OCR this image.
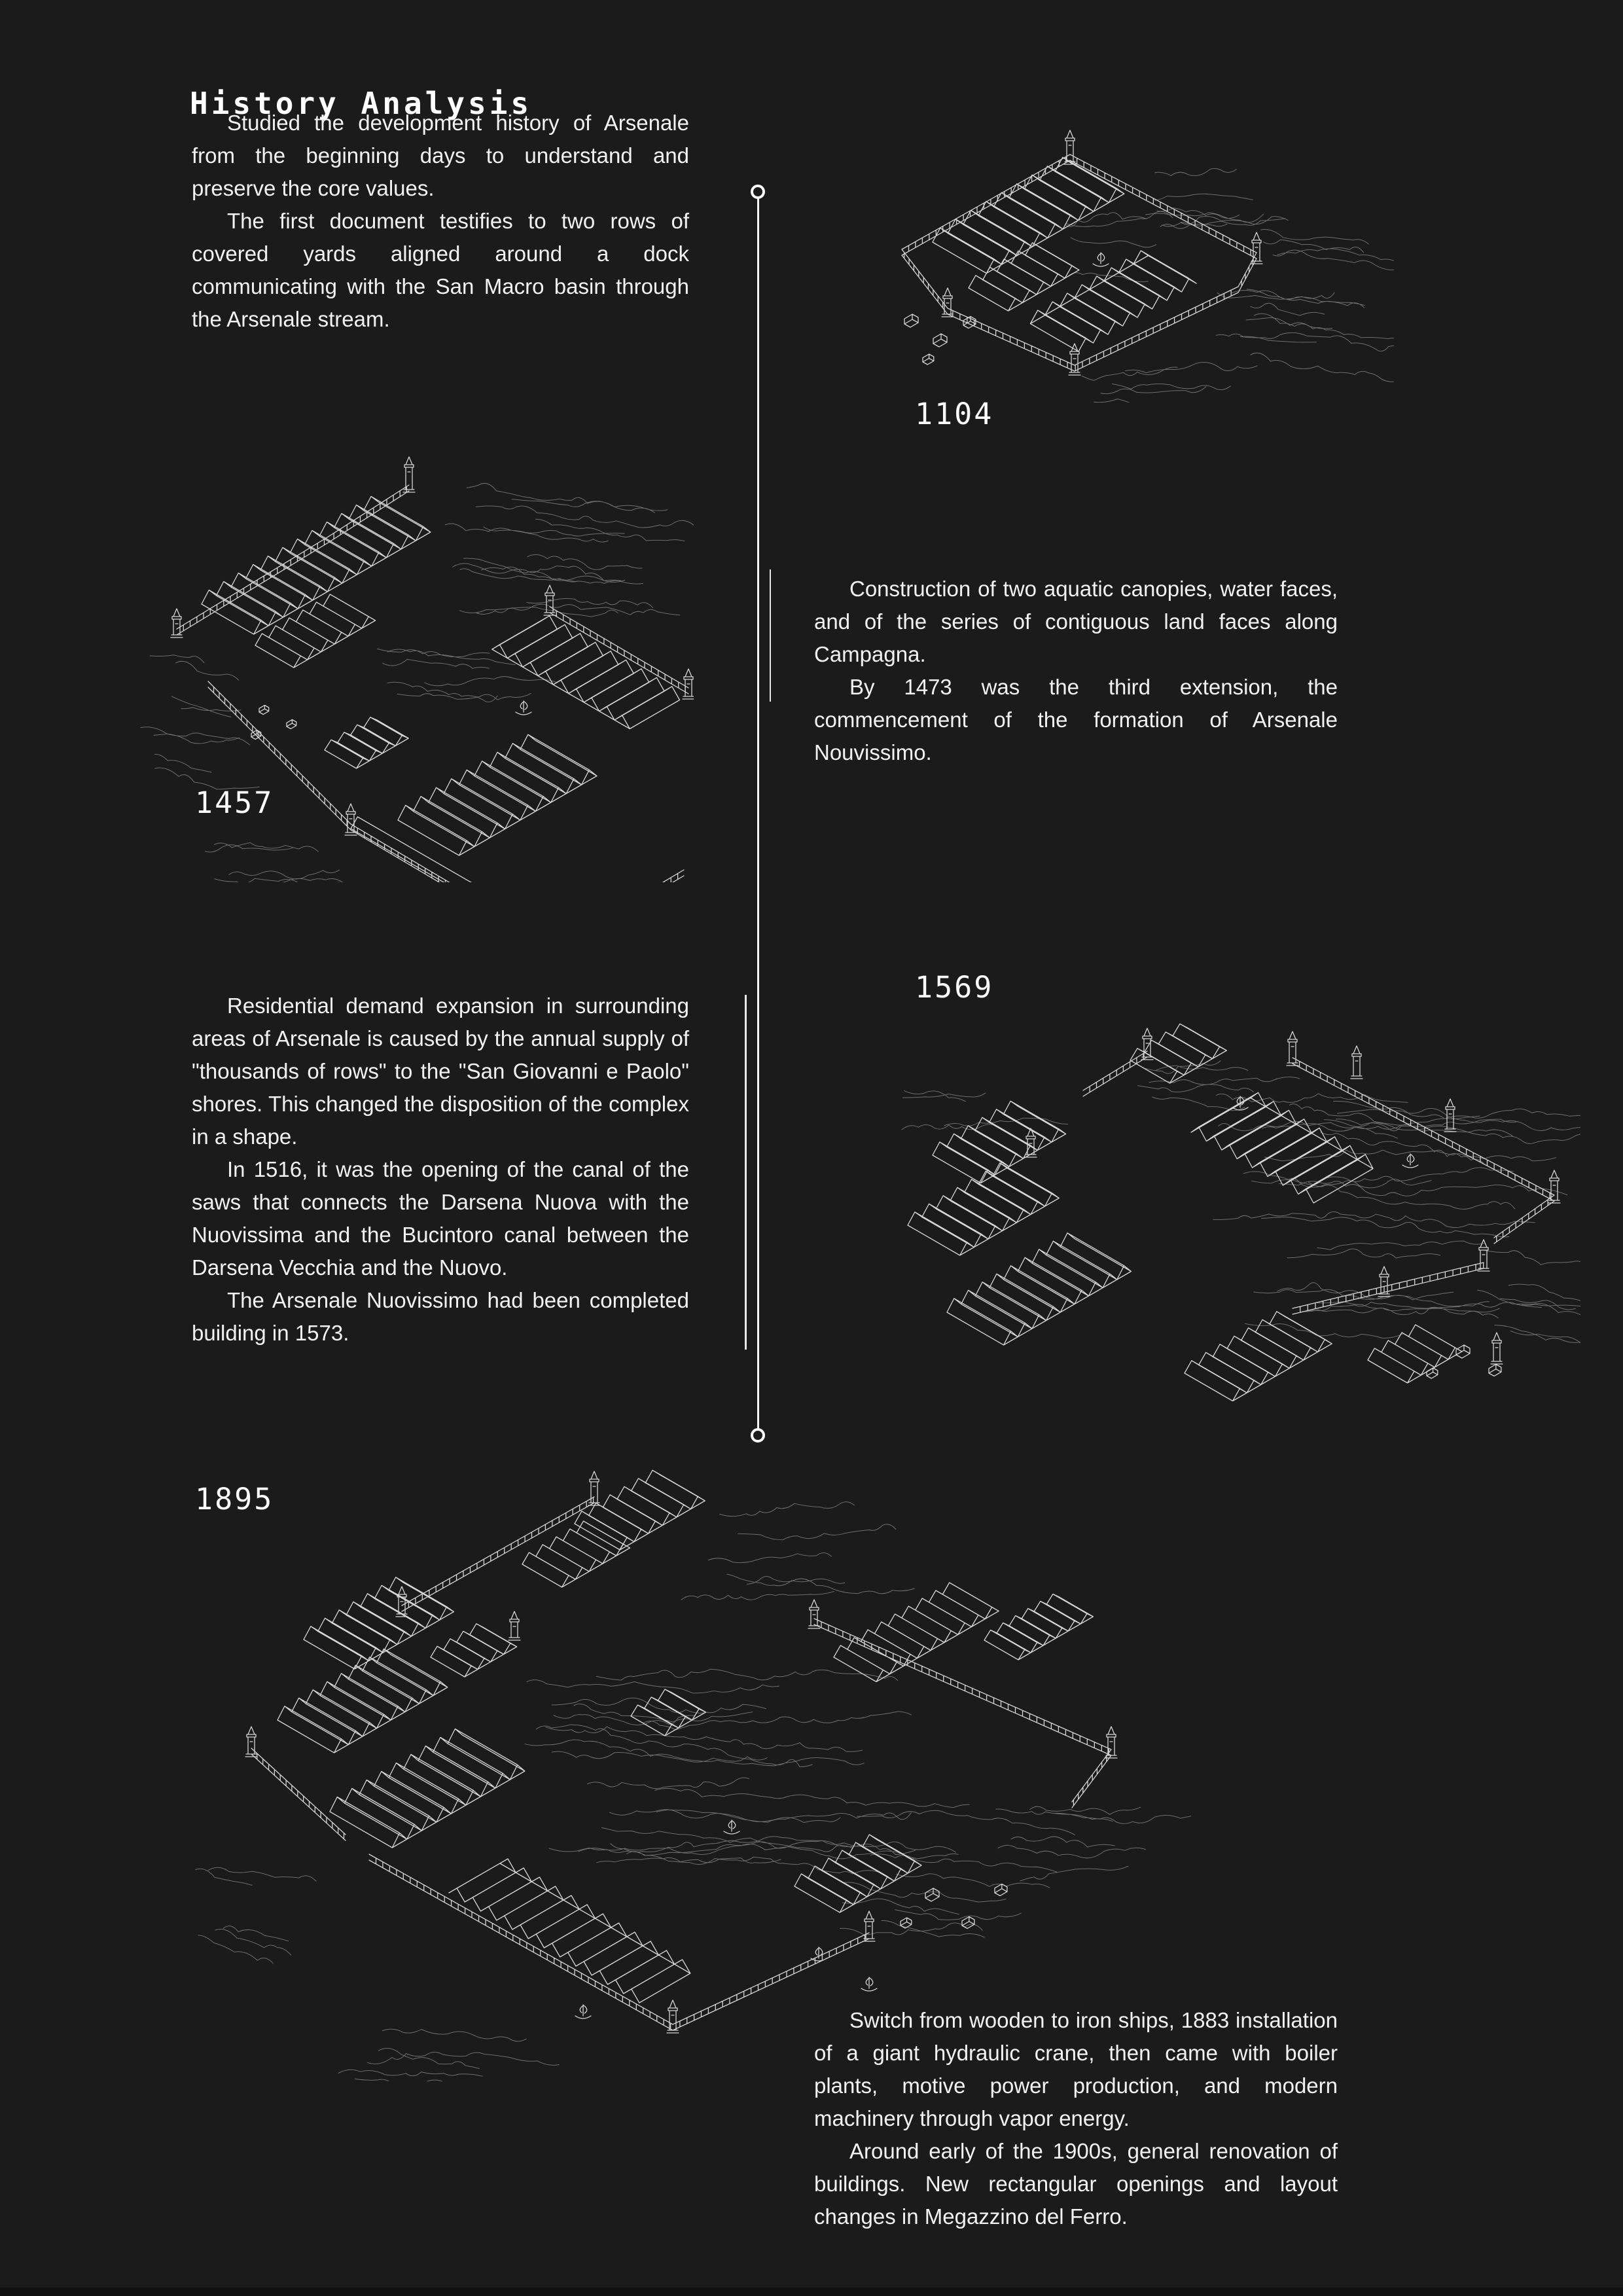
History Analysis

Studied the development history of Arsenale from the beginning days to understand and preserve the core values.

The first document testifies to two rows of covered yards aligned around a dock communicating with the San Macro basin through the Arsenale stream.

1104
1457
1569
1895

Construction of two aquatic canopies, water faces, and of the series of contiguous land faces along Campagna.

By 1473 was the third extension, the commencement of the formation of Arsenale Nouvissimo.

Residential demand expansion in surrounding areas of Arsenale is caused by the annual supply of "thousands of rows" to the "San Giovanni e Paolo" shores. This changed the disposition of the complex in a shape.

In 1516, it was the opening of the canal of the saws that connects the Darsena Nuova with the Nuovissima and the Bucintoro canal between the Darsena Vecchia and the Nuovo.

The Arsenale Nuovissimo had been completed building in 1573.

Switch from wooden to iron ships, 1883 installation of a giant hydraulic crane, then came with boiler plants, motive power production, and modern machinery through vapor energy.

Around early of the 1900s, general renovation of buildings. New rectangular openings and layout changes in Megazzino del Ferro.
